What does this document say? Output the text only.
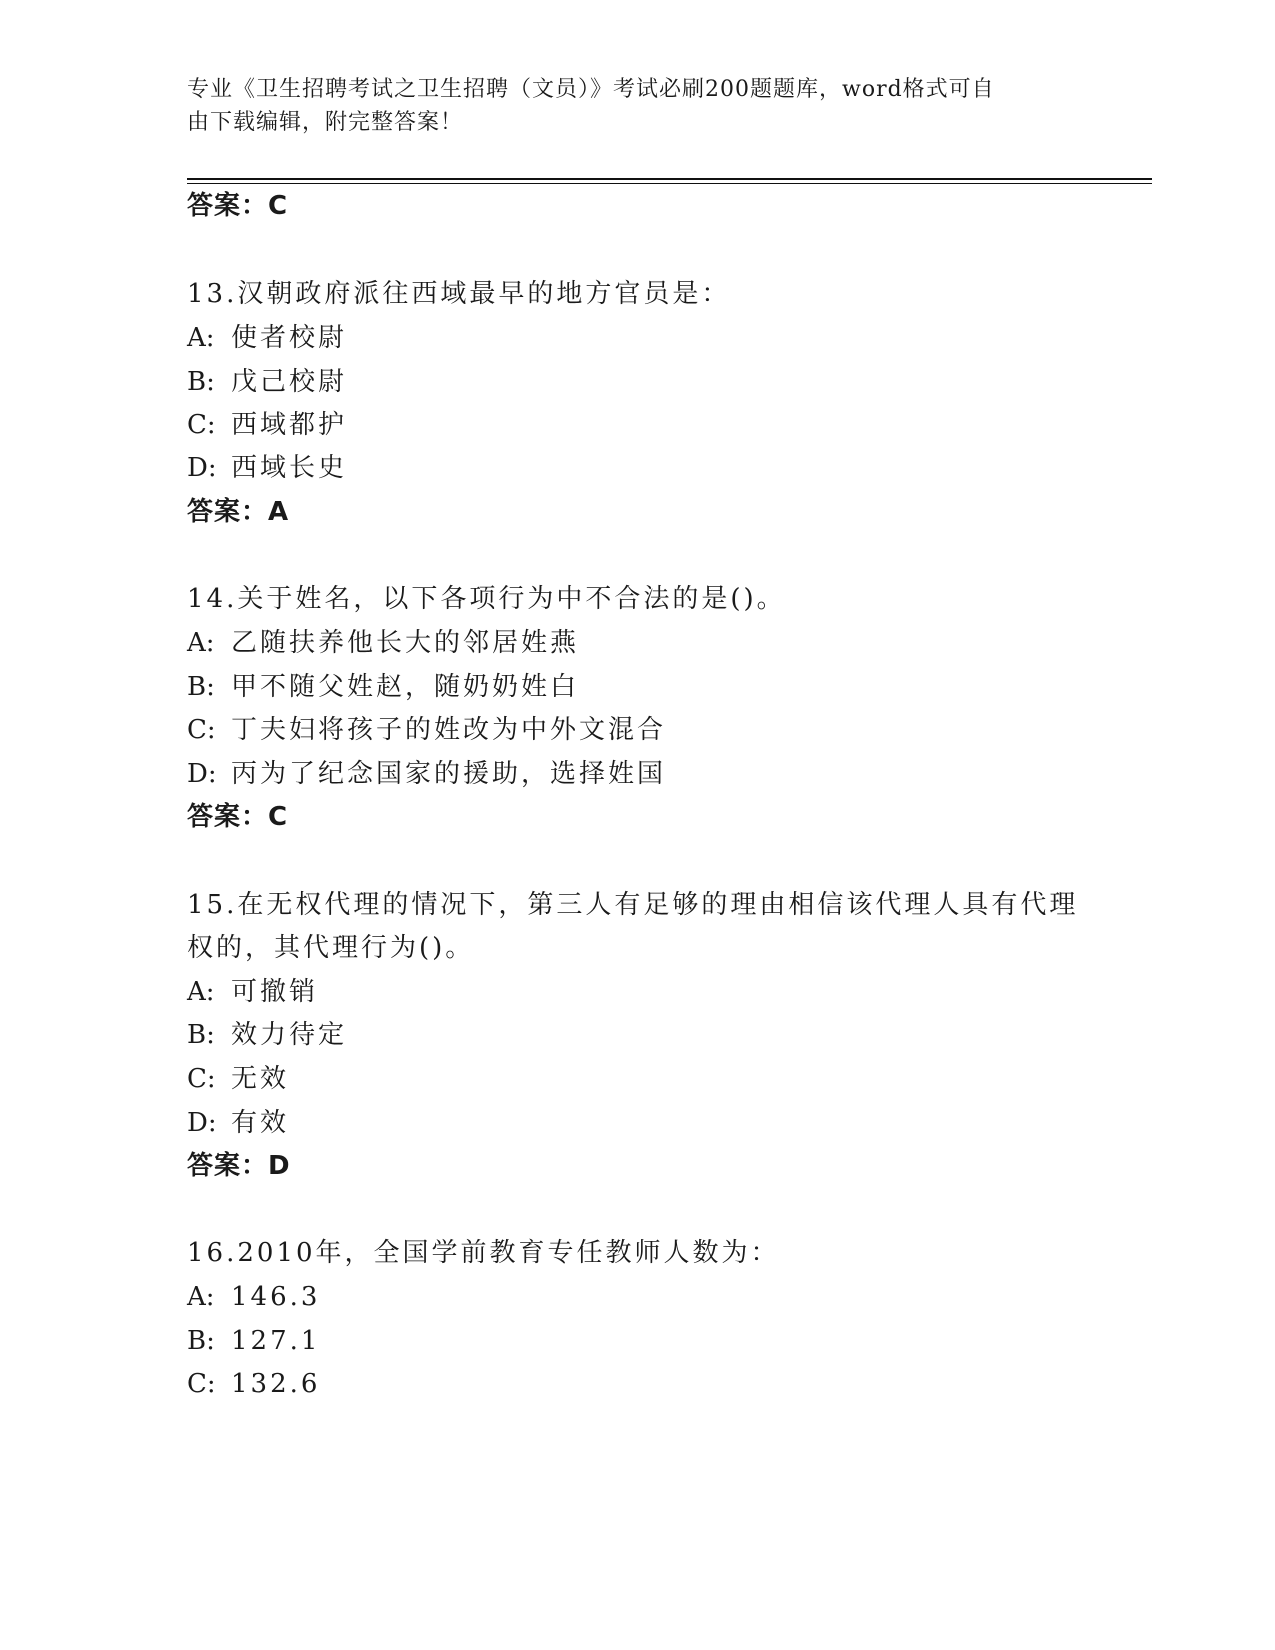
专业《卫生招聘考试之卫生招聘（文员）》考试必刷200题题库，word格式可自
由下载编辑，附完整答案！
答案：C
13.汉朝政府派往西域最早的地方官员是：
A: 使者校尉
B: 戊己校尉
C: 西域都护
D: 西域长史
答案：A
14.关于姓名，以下各项行为中不合法的是()。
A: 乙随扶养他长大的邻居姓燕
B: 甲不随父姓赵，随奶奶姓白
C: 丁夫妇将孩子的姓改为中外文混合
D: 丙为了纪念国家的援助，选择姓国
答案：C
15.在无权代理的情况下，第三人有足够的理由相信该代理人具有代理
权的，其代理行为()。
A: 可撤销
B: 效力待定
C: 无效
D: 有效
答案：D
16.2010年，全国学前教育专任教师人数为：
A: 146.3
B: 127.1
C: 132.6
